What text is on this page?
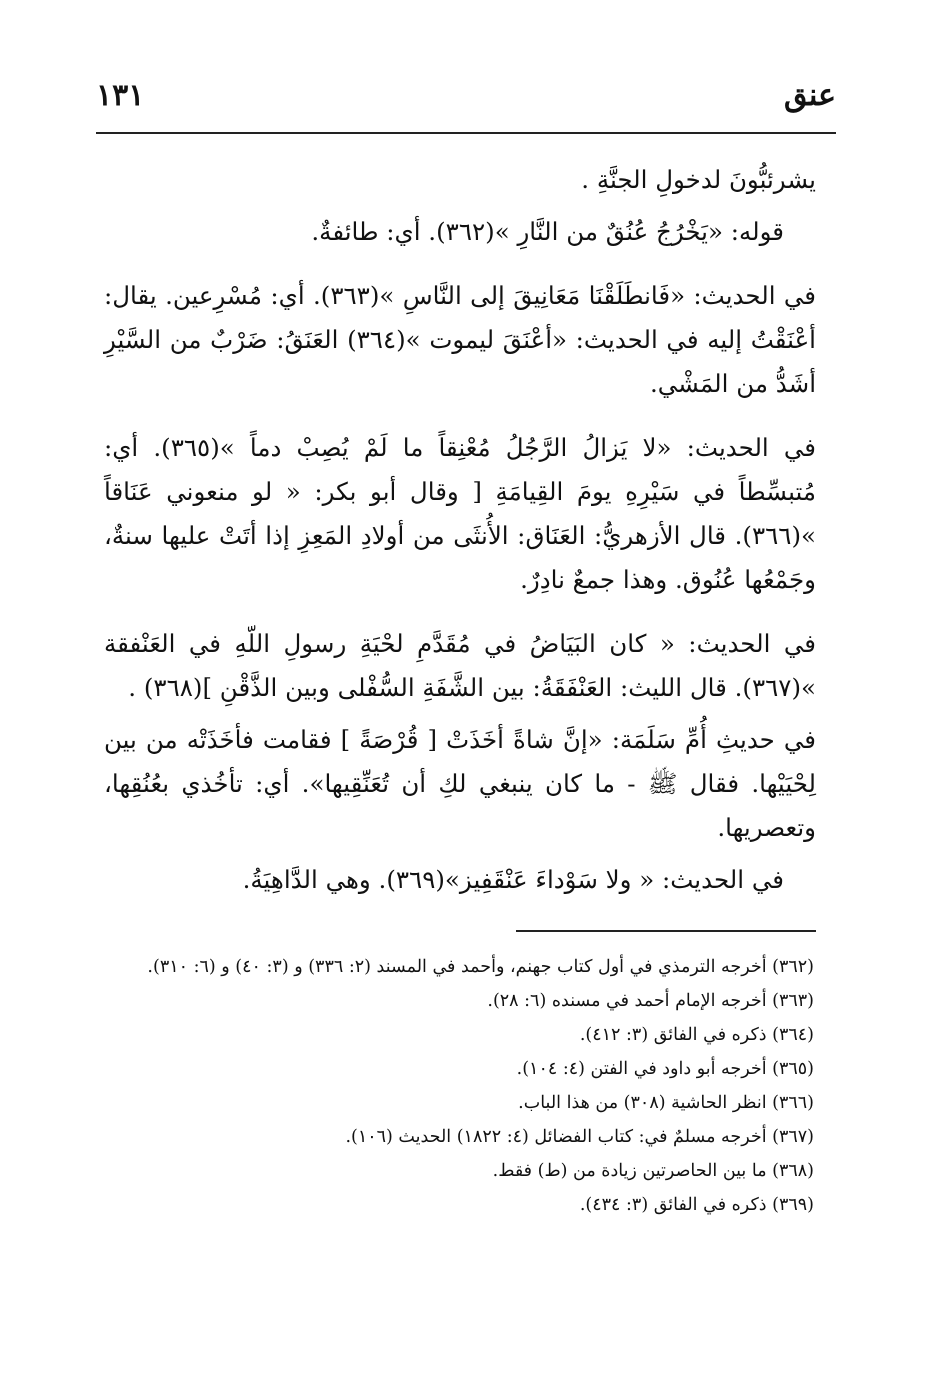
عنق
١٣١

يشرئبُّونَ لدخولِ الجنَّةِ .

قوله: «يَخْرُجُ عُنُقٌ من النَّارِ »(٣٦٢). أي: طائفةٌ.

في الحديث: «فَانطَلَقْنَا مَعَانِيقَ إلى النَّاسِ »(٣٦٣). أي: مُسْرِعين. يقال: أعْنَقْتُ إليه في الحديث: «أعْنَقَ ليموت »(٣٦٤) العَنَقُ: ضَرْبٌ من السَّيْرِ أشَدُّ من المَشْي.

في الحديث: «لا يَزالُ الرَّجُلُ مُعْنِقاً ما لَمْ يُصِبْ دماً »(٣٦٥). أي: مُتبسِّطاً في سَيْرِهِ يومَ القِيامَةِ [ وقال أبو بكر: « لو منعوني عَنَاقاً »(٣٦٦). قال الأزهريُّ: العَنَاق: الأُنثَى من أولادِ المَعِزِ إذا أتَتْ عليها سنةٌ، وجَمْعُها عُنُوق. وهذا جمعٌ نادِرٌ.

في الحديث: « كان البَيَاضُ في مُقَدَّمِ لحْيَةِ رسولِ اللّهِ في العَنْفقة »(٣٦٧). قال الليث: العَنْفَقَةُ: بين الشَّفَةِ السُّفْلى وبين الذَّقْنِ ](٣٦٨) .

في حديثِ أُمِّ سَلَمَة: «إنَّ شاةً أخَذَتْ [ قُرْصَةً ] فقامت فأخَذَتْه من بين لِحْيَيْها. فقال ﷺ - ما كان ينبغي لكِ أن تُعَنِّقِيها». أي: تأخُذي بعُنُقِها، وتعصريها.

في الحديث: « ولا سَوْداءَ عَنْقَفِيز»(٣٦٩). وهي الدَّاهِيَةُ.

(٣٦٢) أخرجه الترمذي في أول كتاب جهنم، وأحمد في المسند (٢: ٣٣٦) و (٣: ٤٠) و (٦: ٣١٠).

(٣٦٣) أخرجه الإمام أحمد في مسنده (٦: ٢٨).

(٣٦٤) ذكره في الفائق (٣: ٤١٢).

(٣٦٥) أخرجه أبو داود في الفتن (٤: ١٠٤).

(٣٦٦) انظر الحاشية (٣٠٨) من هذا الباب.

(٣٦٧) أخرجه مسلمٌ في: كتاب الفضائل (٤: ١٨٢٢) الحديث (١٠٦).

(٣٦٨) ما بين الحاصرتين زيادة من (ط) فقط.

(٣٦٩) ذكره في الفائق (٣: ٤٣٤).
